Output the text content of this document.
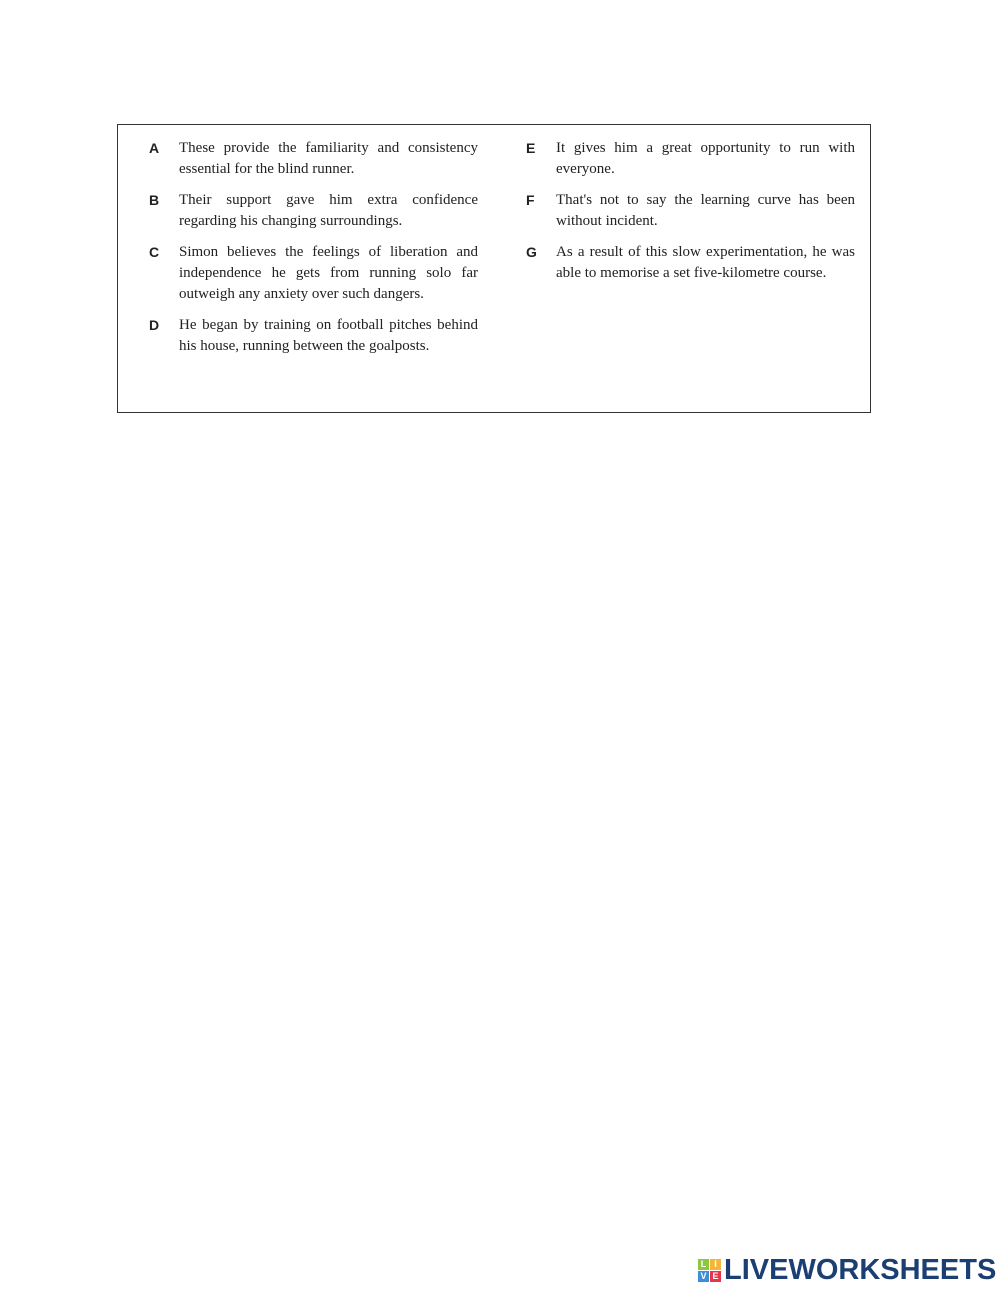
A	These provide the familiarity and consistency essential for the blind runner.
B	Their support gave him extra confidence regarding his changing surroundings.
C	Simon believes the feelings of liberation and independence he gets from running solo far outweigh any anxiety over such dangers.
D	He began by training on football pitches behind his house, running between the goalposts.
E	It gives him a great opportunity to run with everyone.
F	That's not to say the learning curve has been without incident.
G	As a result of this slow experimentation, he was able to memorise a set five-kilometre course.
L I
V E LIVEWORKSHEETS
